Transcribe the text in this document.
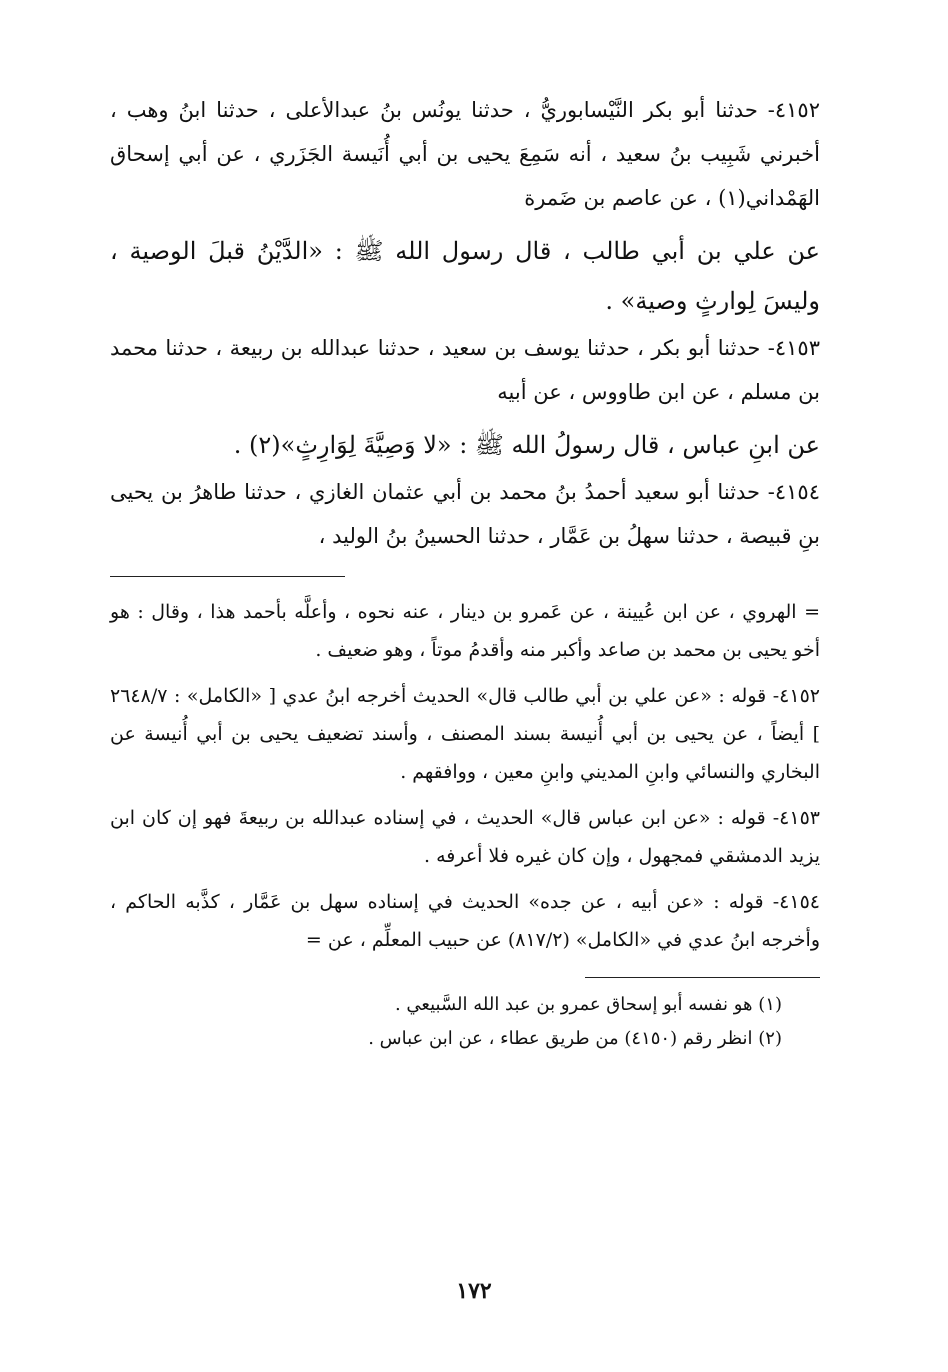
٤١٥٢- حدثنا أبو بكر النَّيْسابوريُّ ، حدثنا يونُس بنُ عبدالأعلى ، حدثنا ابنُ وهب ، أخبرني شَبِيب بنُ سعيد ، أنه سَمِعَ يحيى بن أبي أُنَيسة الجَزَري ، عن أبي إسحاق الهَمْداني(١) ، عن عاصم بن ضَمرة

عن علي بن أبي طالب ، قال رسول الله ﷺ : «الدَّيْنُ قبلَ الوصية ، وليسَ لِوارثٍ وصية» .

٤١٥٣- حدثنا أبو بكر ، حدثنا يوسف بن سعيد ، حدثنا عبدالله بن ربيعة ، حدثنا محمد بن مسلم ، عن ابن طاووس ، عن أبيه

عن ابنِ عباس ، قال رسولُ الله ﷺ : «لا وَصِيَّةَ لِوَارِثٍ»(٢) .

٤١٥٤- حدثنا أبو سعيد أحمدُ بنُ محمد بن أبي عثمان الغازي ، حدثنا طاهرُ بن يحيى بنِ قبيصة ، حدثنا سهلُ بن عَمَّار ، حدثنا الحسينُ بنُ الوليد ،

= الهروي ، عن ابن عُيينة ، عن عَمرو بن دينار ، عنه نحوه ، وأعلَّه بأحمد هذا ، وقال : هو أخو يحيى بن محمد بن صاعد وأكبر منه وأقدمُ موتاً ، وهو ضعيف .

٤١٥٢- قوله : «عن علي بن أبي طالب قال» الحديث أخرجه ابنُ عدي [ «الكامل» : ٢٦٤٨/٧ ] أيضاً ، عن يحيى بن أبي أُنيسة بسند المصنف ، وأسند تضعيف يحيى بن أبي أُنيسة عن البخاري والنسائي وابنِ المديني وابنِ معين ، ووافقهم .

٤١٥٣- قوله : «عن ابن عباس قال» الحديث ، في إسناده عبدالله بن ربيعةَ فهو إن كان ابن يزيد الدمشقي فمجهول ، وإن كان غيره فلا أعرفه .

٤١٥٤- قوله : «عن أبيه ، عن جده» الحديث في إسناده سهل بن عَمَّار ، كذَّبه الحاكم ، وأخرجه ابنُ عدي في «الكامل» (٨١٧/٢) عن حبيب المعلِّم ، عن =

(١) هو نفسه أبو إسحاق عمرو بن عبد الله السَّبيعي .

(٢) انظر رقم (٤١٥٠) من طريق عطاء ، عن ابن عباس .

١٧٢
